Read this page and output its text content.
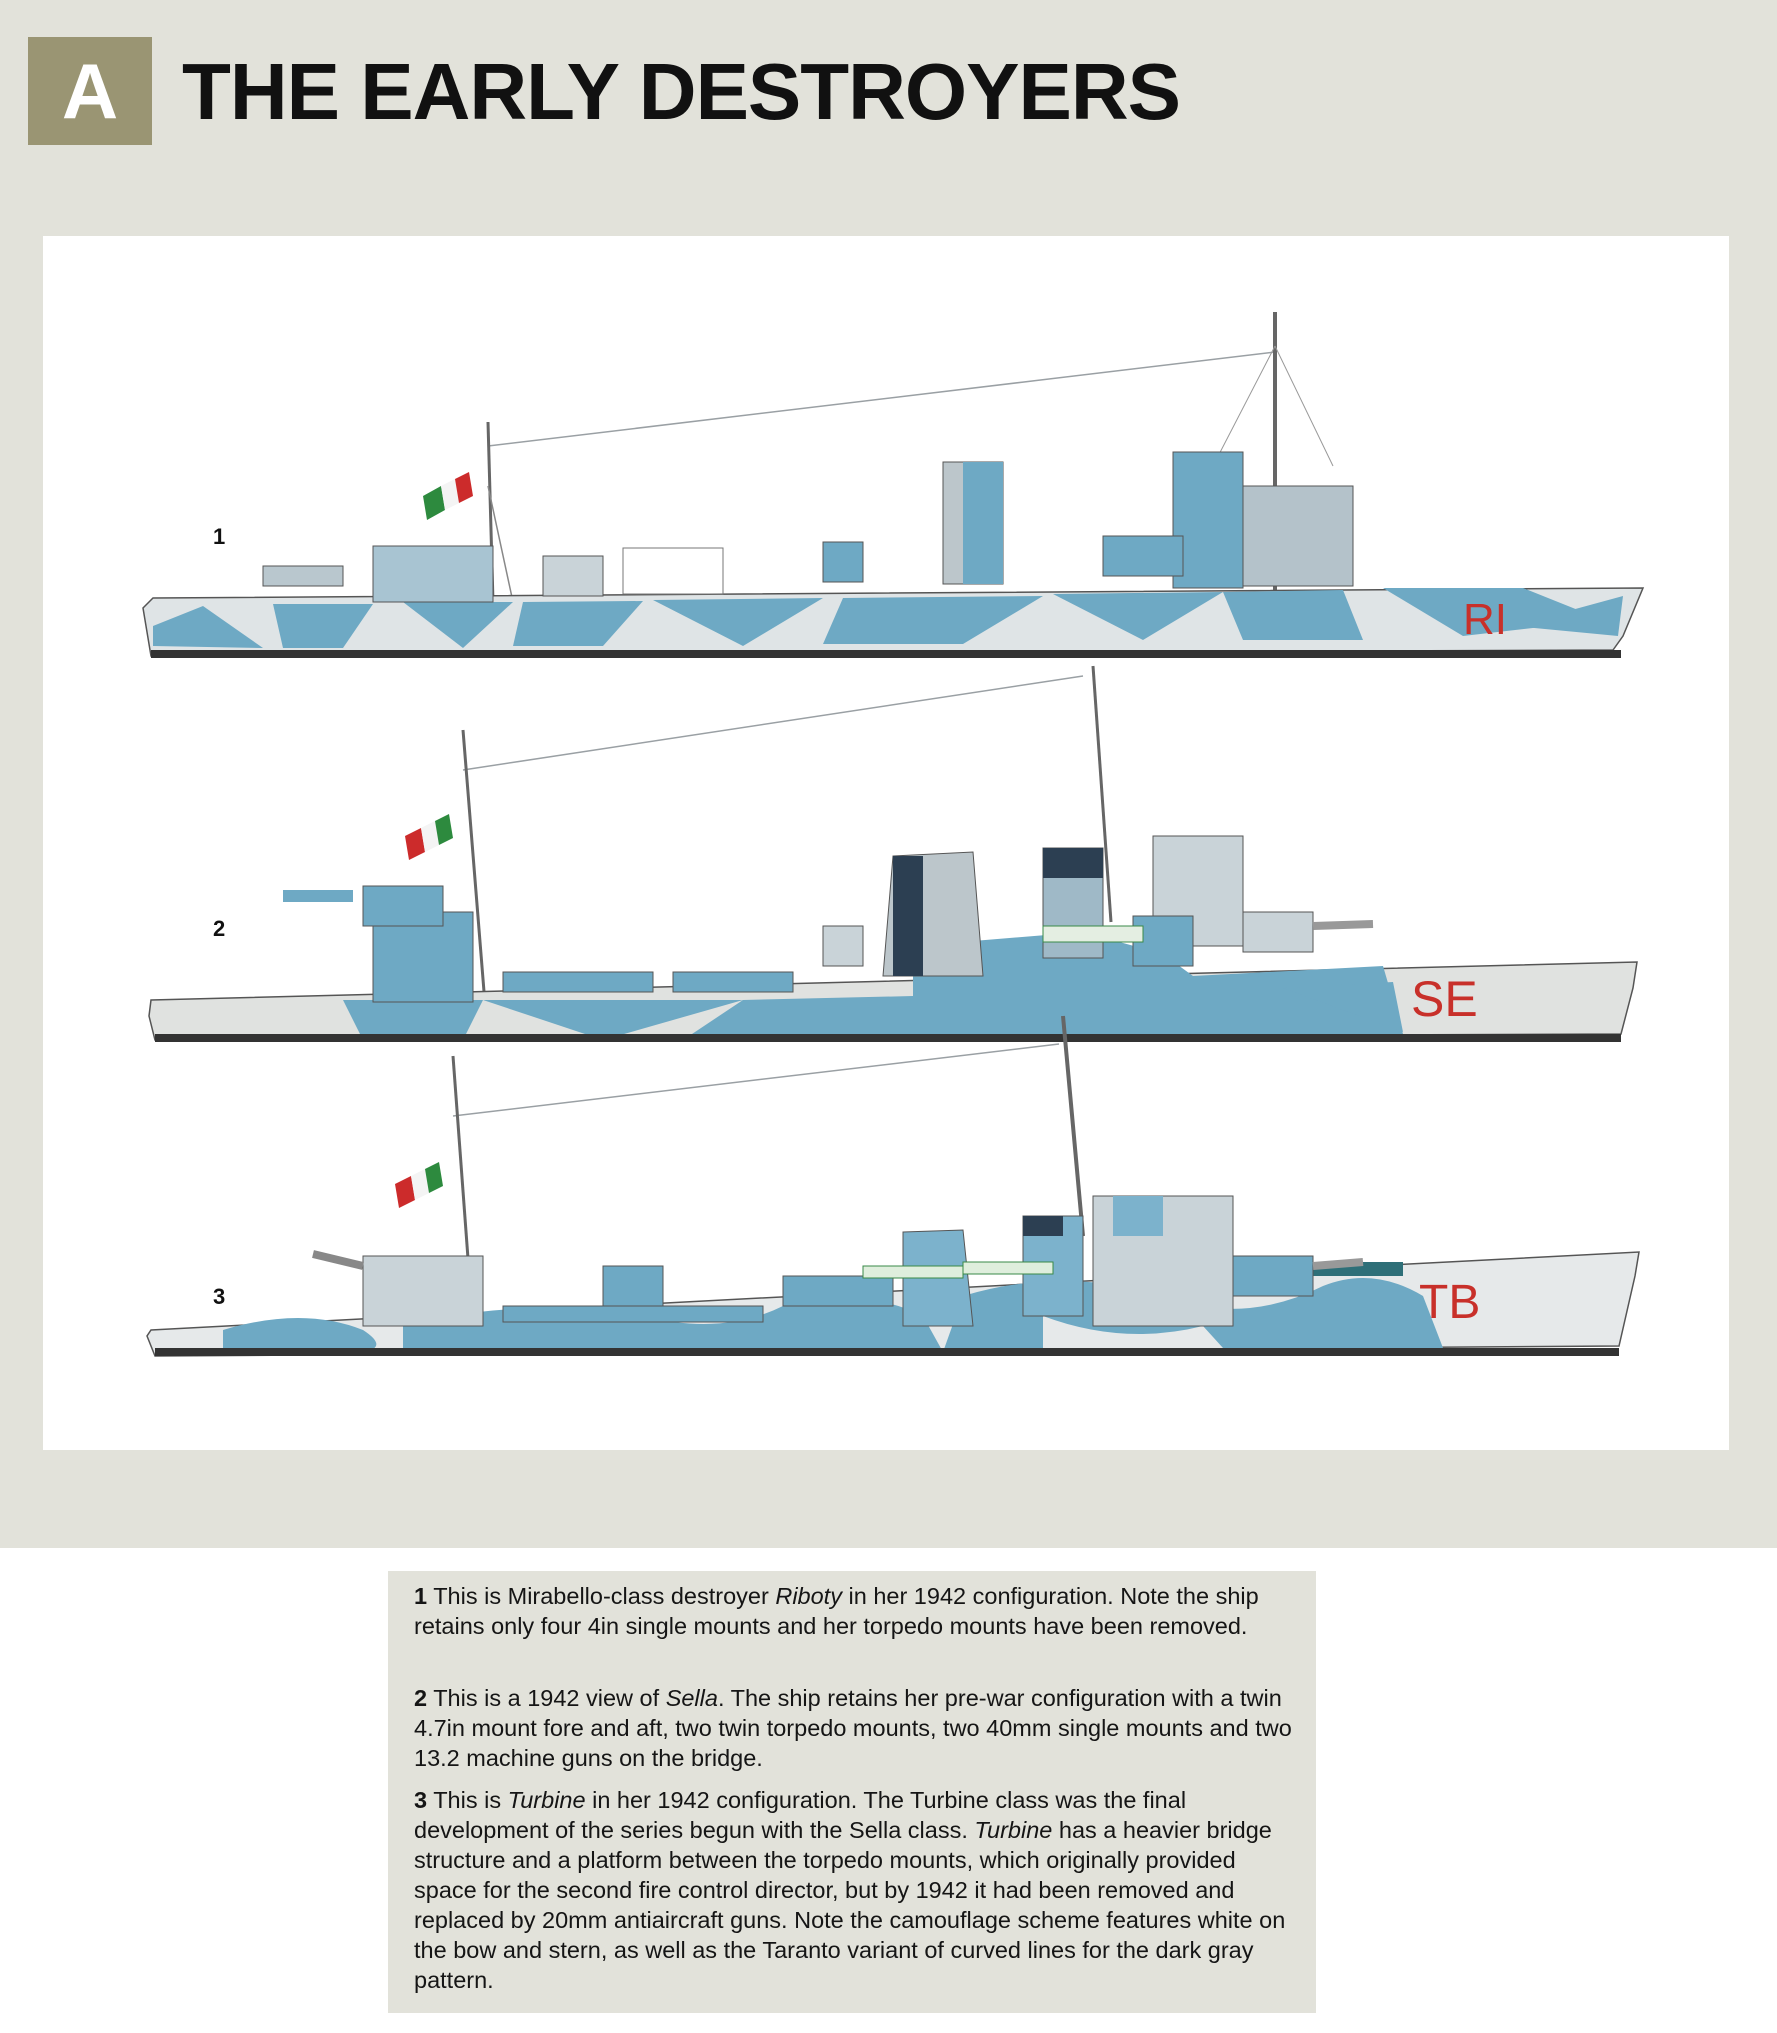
A THE EARLY DESTROYERS
RI
1
SE
2
TB
3

1 This is Mirabello-class destroyer Riboty in her 1942 configuration. Note the ship retains only four 4in single mounts and her torpedo mounts have been removed.

2 This is a 1942 view of Sella. The ship retains her pre-war configuration with a twin 4.7in mount fore and aft, two twin torpedo mounts, two 40mm single mounts and two 13.2 machine guns on the bridge.

3 This is Turbine in her 1942 configuration. The Turbine class was the final development of the series begun with the Sella class. Turbine has a heavier bridge structure and a platform between the torpedo mounts, which originally provided space for the second fire control director, but by 1942 it had been removed and replaced by 20mm antiaircraft guns. Note the camouflage scheme features white on the bow and stern, as well as the Taranto variant of curved lines for the dark gray pattern.
